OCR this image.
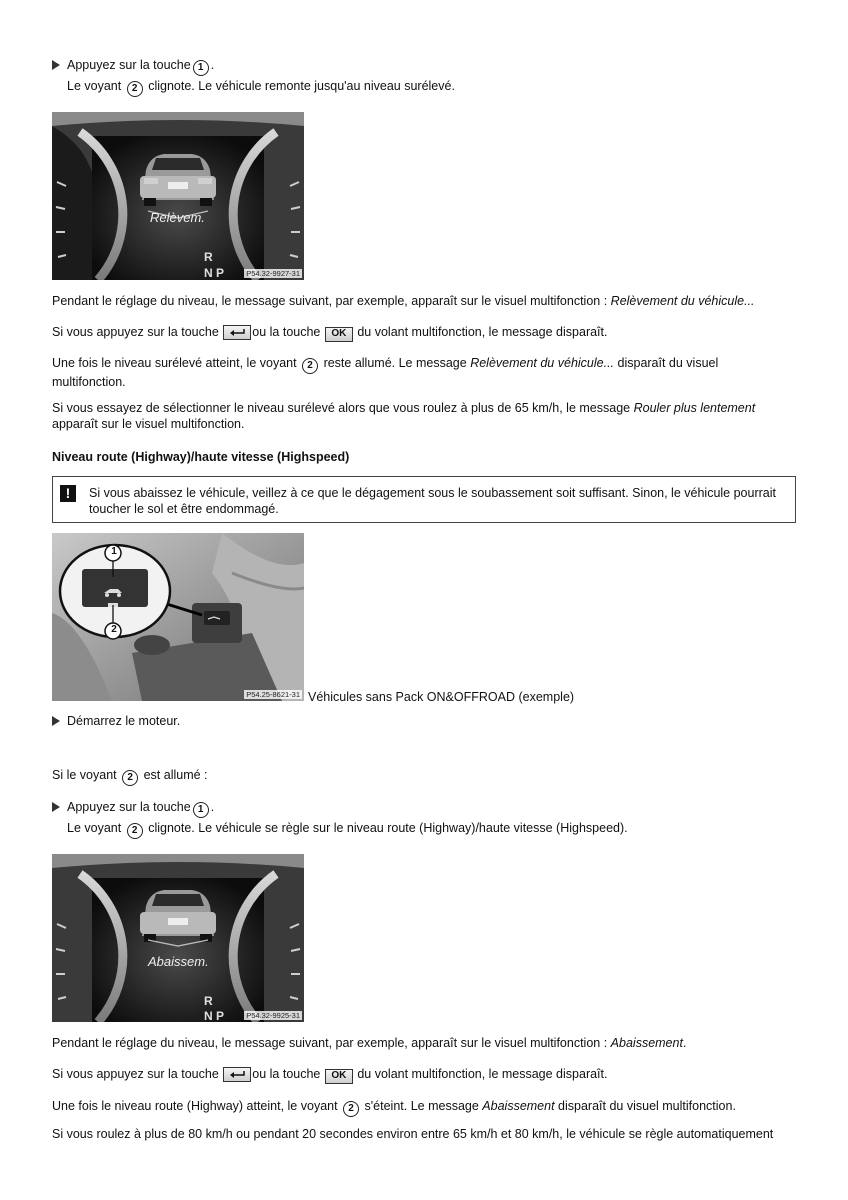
Appuyez sur la touche 1 .
Le voyant 2 clignote. Le véhicule remonte jusqu'au niveau surélevé.
Relèvem.
R
N P	P54.32-9927-31
Pendant le réglage du niveau, le message suivant, par exemple, apparaît sur le visuel multifonction : Relèvement du véhicule...
Si vous appuyez sur la touche	ou la touche OK du volant multifonction, le message disparaît.
Une fois le niveau surélevé atteint, le voyant 2 reste allumé. Le message Relèvement du véhicule... disparaît du visuel multifonction.
Si vous essayez de sélectionner le niveau surélevé alors que vous roulez à plus de 65 km/h, le message Rouler plus lentement apparaît sur le visuel multifonction.
Niveau route (Highway)/haute vitesse (Highspeed)
!	Si vous abaissez le véhicule, veillez à ce que le dégagement sous le soubassement soit suffisant. Sinon, le véhicule pourrait toucher le sol et être endommagé.
1
2
P54.25-8621-31 Véhicules sans Pack ON&OFFROAD (exemple)
Démarrez le moteur.
Si le voyant 2 est allumé :
Appuyez sur la touche 1 .
Le voyant 2 clignote. Le véhicule se règle sur le niveau route (Highway)/haute vitesse (Highspeed).
Abaissem.
R
N P	P54.32-9925-31
Pendant le réglage du niveau, le message suivant, par exemple, apparaît sur le visuel multifonction : Abaissement.
Si vous appuyez sur la touche	ou la touche OK du volant multifonction, le message disparaît.
Une fois le niveau route (Highway) atteint, le voyant 2 s'éteint. Le message Abaissement disparaît du visuel multifonction.
Si vous roulez à plus de 80 km/h ou pendant 20 secondes environ entre 65 km/h et 80 km/h, le véhicule se règle automatiquement
